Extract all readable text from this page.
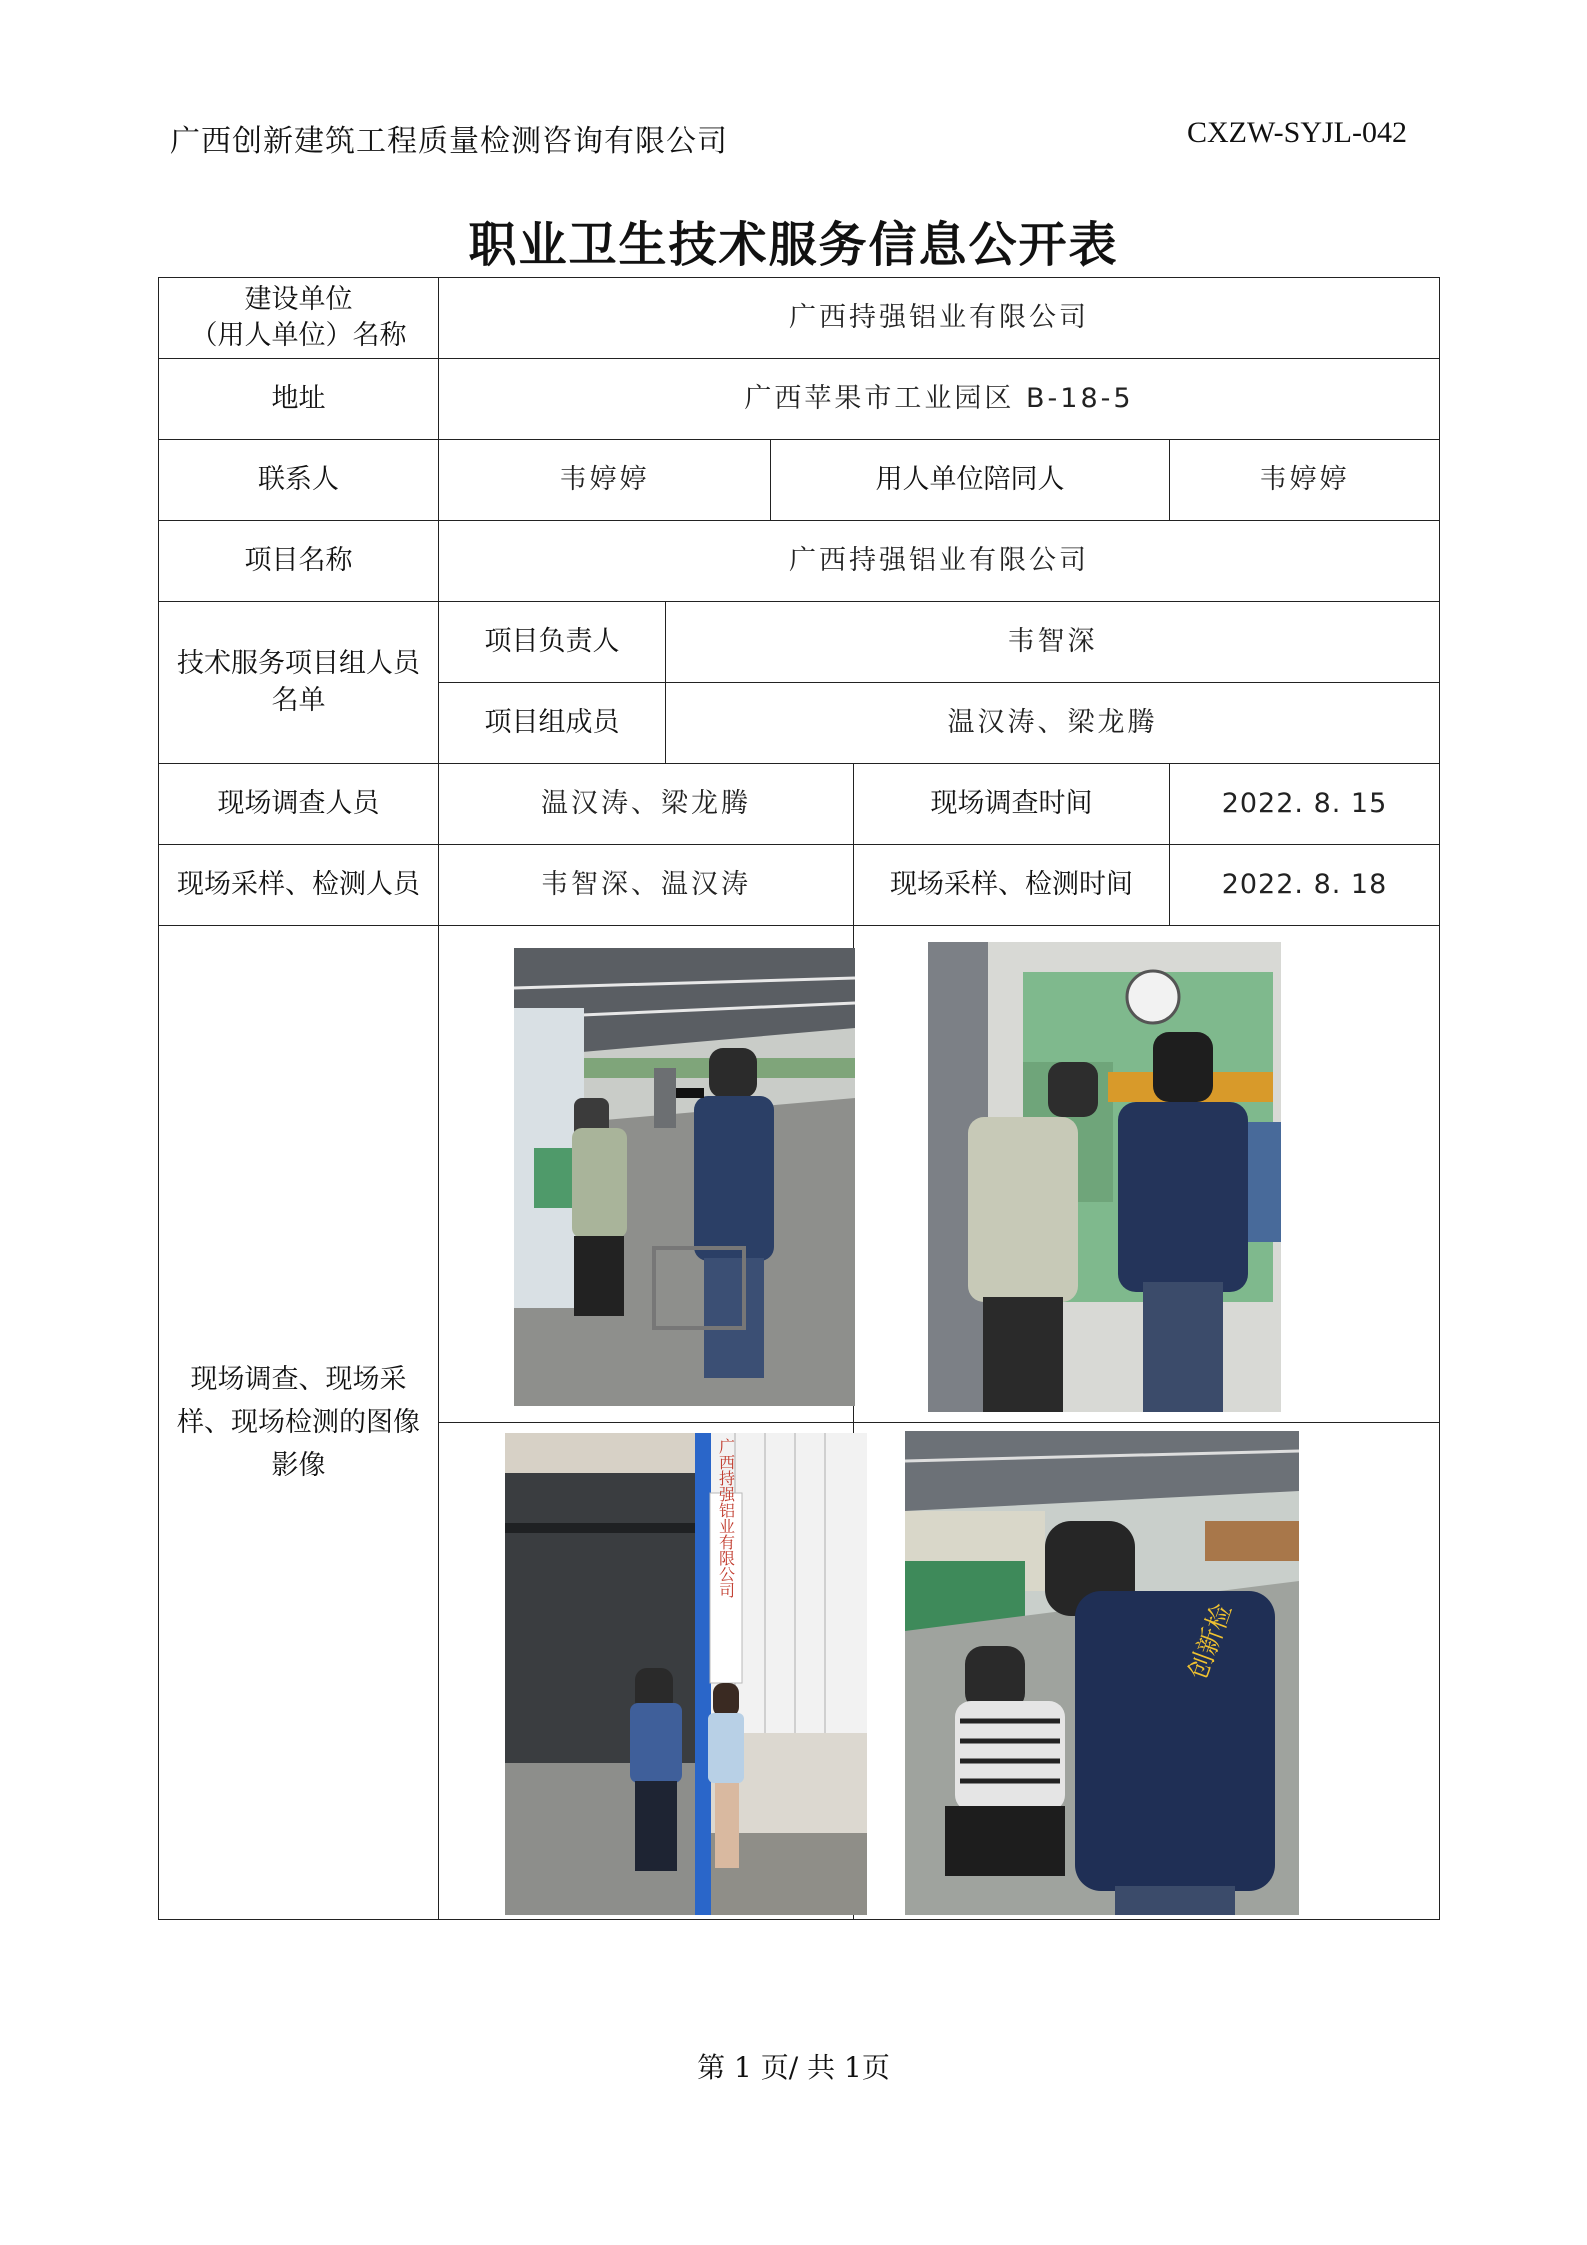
广西创新建筑工程质量检测咨询有限公司	CXZW-SYJL-042
职业卫生技术服务信息公开表
建设单位
（用人单位）名称	广西持强铝业有限公司				
地址	广西苹果市工业园区 B-18-5				
联系人	韦婷婷		用人单位陪同人		韦婷婷
项目名称	广西持强铝业有限公司				
技术服务项目组人员名单	项目负责人	韦智深			
	项目组成员	温汉涛、梁龙腾			
现场调查人员	温汉涛、梁龙腾			现场调查时间	2022. 8. 15
现场采样、检测人员	韦智深、温汉涛			现场采样、检测时间	2022. 8. 18
现场调查、现场采样、现场检测的图像影像	

广西持强铝业有限公司			创新检	
第 1 页/ 共 1页
